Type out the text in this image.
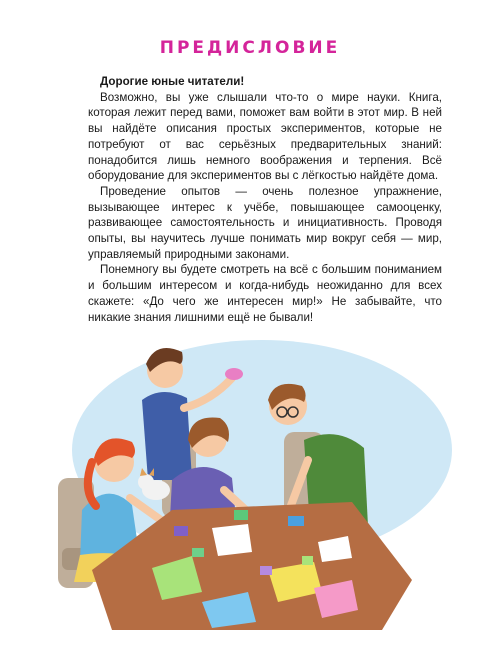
ПРЕДИСЛОВИЕ
Дорогие юные читатели!

Возможно, вы уже слышали что-то о мире науки. Книга, которая лежит перед вами, поможет вам войти в этот мир. В ней вы найдёте описания простых экспериментов, которые не потребуют от вас серьёзных предварительных знаний: понадобится лишь немного воображения и терпения. Всё оборудование для экспериментов вы с лёгкостью найдёте дома.

Проведение опытов — очень полезное упражнение, вызывающее интерес к учёбе, повышающее самооценку, развивающее самостоятельность и инициативность. Проводя опыты, вы научитесь лучше понимать мир вокруг себя — мир, управляемый природными законами.

Понемногу вы будете смотреть на всё с большим пониманием и большим интересом и когда-нибудь неожиданно для всех скажете: «До чего же интересен мир!» Не забывайте, что никакие знания лишними ещё не бывали!
